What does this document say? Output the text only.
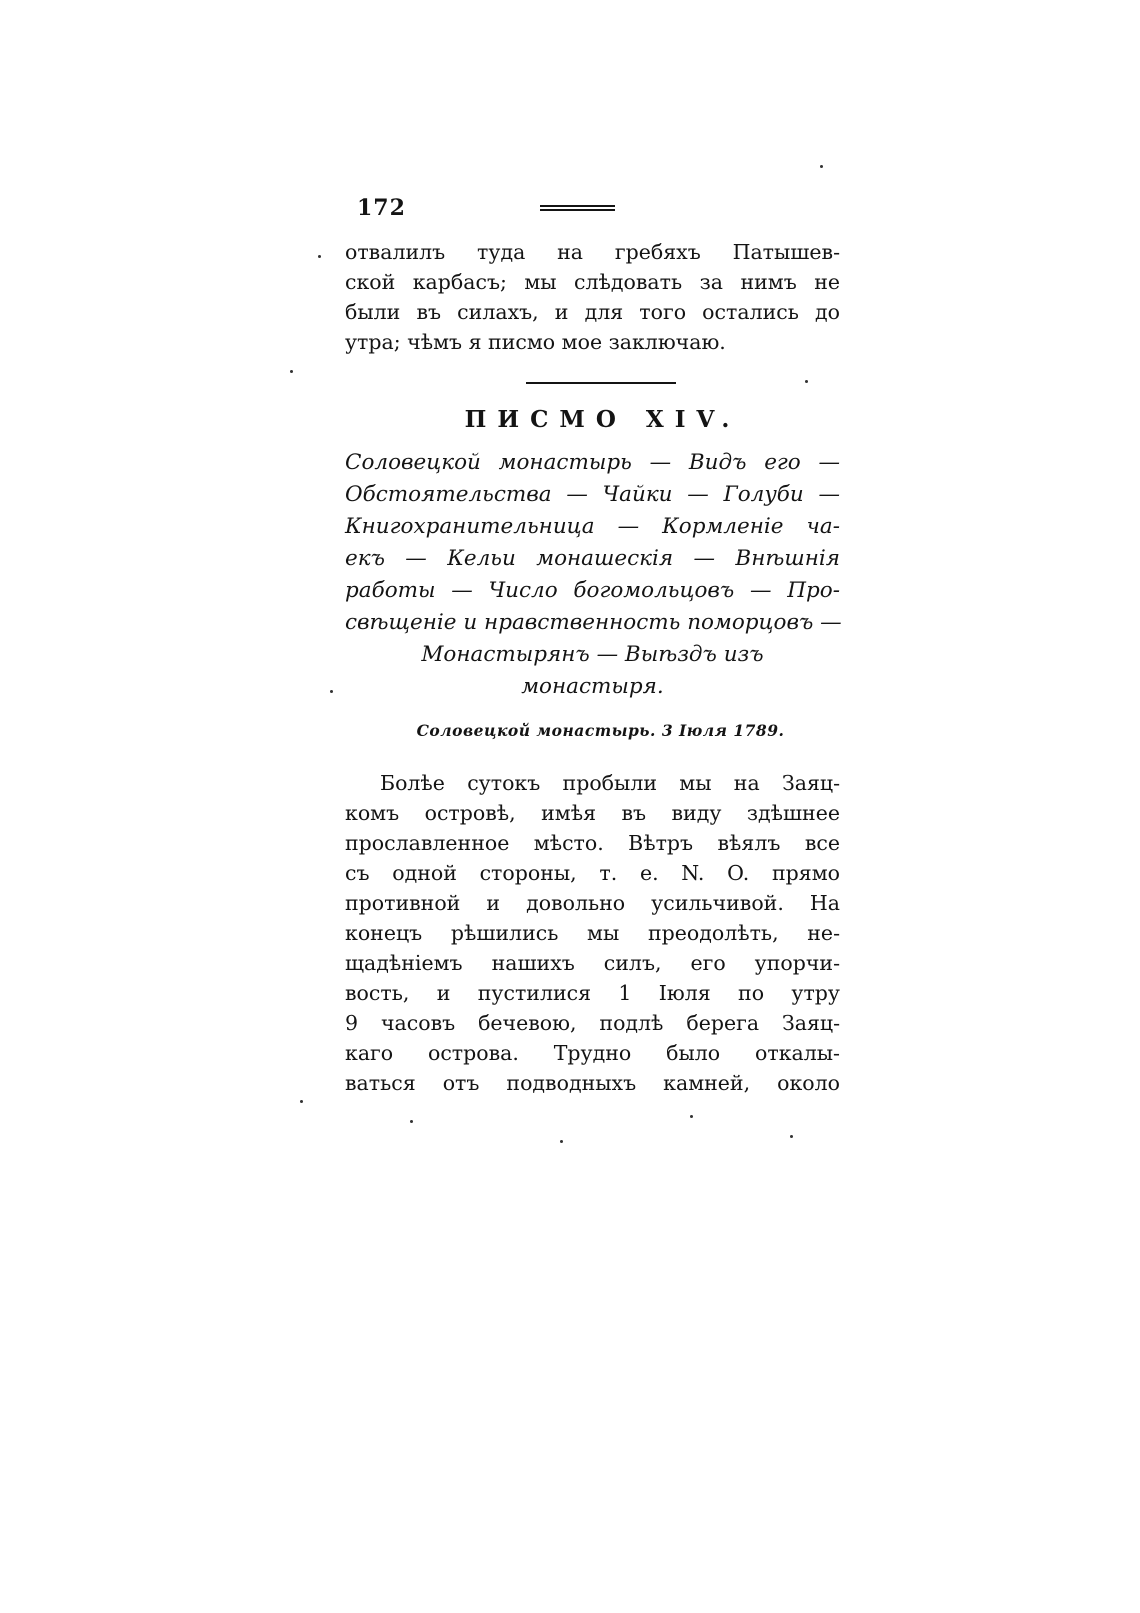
172

отвалилъ туда на гребяхъ Патышев-
ской карбасъ; мы слѣдовать за нимъ не
были въ силахъ, и для того остались до
утра; чѣмъ я писмо мое заключаю.

ПИСМО XIV.
Соловецкой монастырь — Видъ его —
Обстоятельства — Чайки — Голуби —
Книгохранительница — Кормленіе ча-
екъ — Кельи монашескія — Внѣшнія
работы — Число богомольцовъ — Про-
свѣщеніе и нравственность поморцовъ —
Монастырянъ — Выѣздъ изъ
монастыря.
Соловецкой монастырь. 3 Іюля 1789.

Болѣе сутокъ пробыли мы на Заяц-
комъ островѣ, имѣя въ виду здѣшнее
прославленное мѣсто. Вѣтръ вѣялъ все
съ одной стороны, т. е. N. O. прямо
противной и довольно усильчивой. На
конецъ рѣшились мы преодолѣть, не-
щадѣніемъ нашихъ силъ, его упорчи-
вость, и пустилися 1 Іюля по утру
9 часовъ бечевою, подлѣ берега Заяц-
каго острова. Трудно было откалы-
ваться отъ подводныхъ камней, около
